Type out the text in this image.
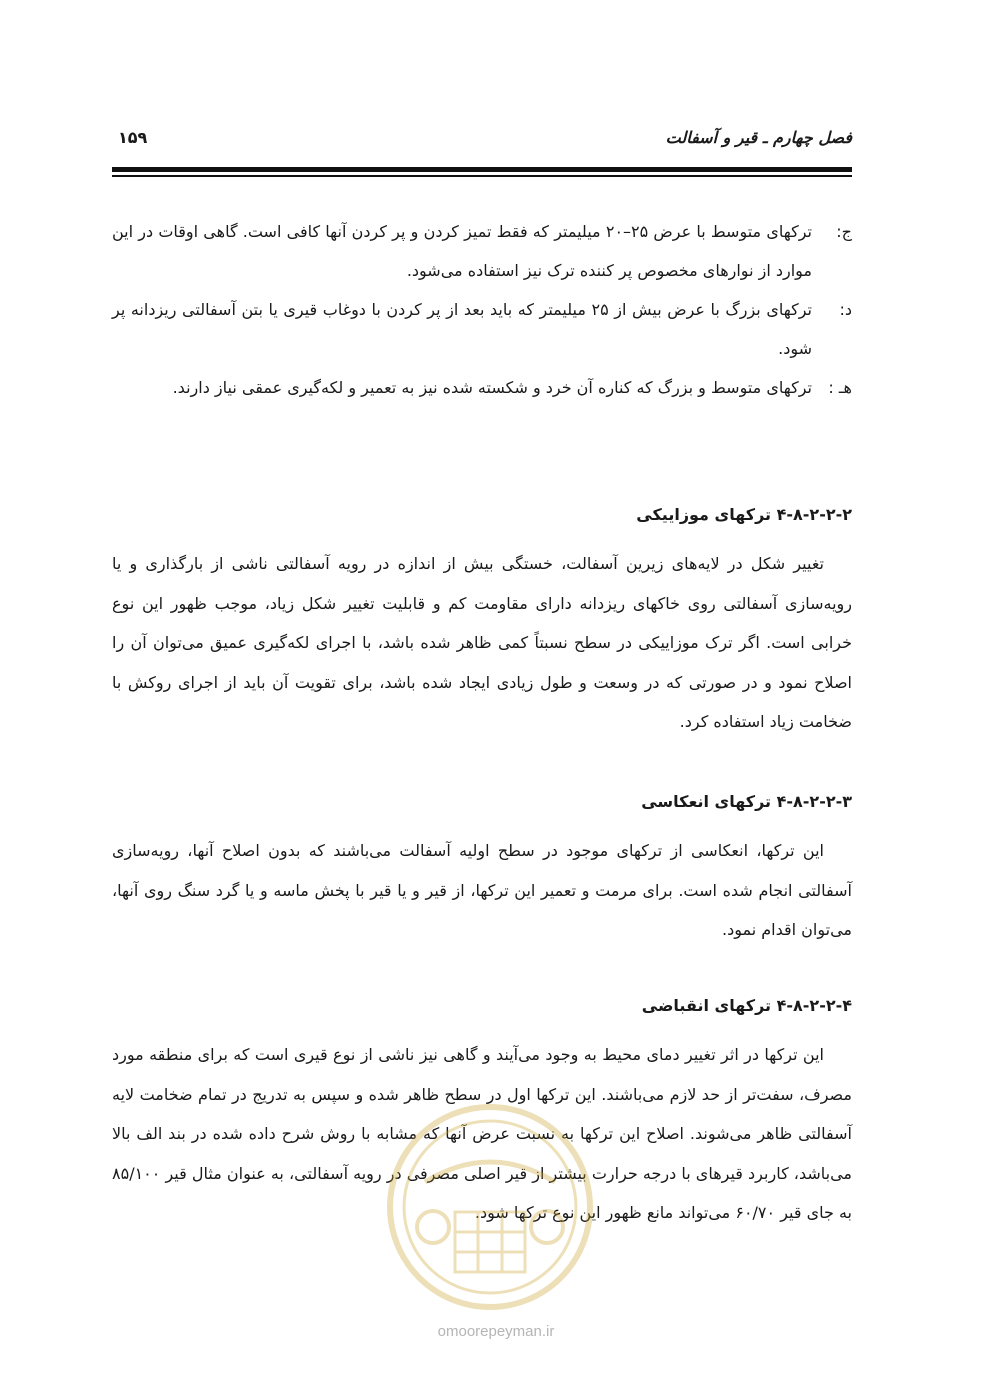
فصل چهارم ـ قیر و آسفالت
۱۵۹
ج:
ترکهای متوسط با عرض ۲۵–۲۰ میلیمتر که فقط تمیز کردن و پر کردن آنها کافی است. گاهی اوقات در این موارد از نوارهای مخصوص پر کننده ترک نیز استفاده می‌شود.
د:
ترکهای بزرگ با عرض بیش از ۲۵ میلیمتر که باید بعد از پر کردن با دوغاب قیری یا بتن آسفالتی ریزدانه پر شود.
هـ :
ترکهای متوسط و بزرگ که کناره آن خرد و شکسته شده نیز به تعمیر و لکه‌گیری عمقی نیاز دارند.
۴-۸-۲-۲-۲ ترکهای موزاییکی
تغییر شکل در لایه‌های زیرین آسفالت، خستگی بیش از اندازه در رویه آسفالتی ناشی از بارگذاری و یا رویه‌سازی آسفالتی روی خاکهای ریزدانه دارای مقاومت کم و قابلیت تغییر شکل زیاد، موجب ظهور این نوع خرابی است. اگر ترک موزاییکی در سطح نسبتاً کمی ظاهر شده باشد، با اجرای لکه‌گیری عمیق می‌توان آن را اصلاح نمود و در صورتی که در وسعت و طول زیادی ایجاد شده باشد، برای تقویت آن باید از اجرای روکش با ضخامت زیاد استفاده کرد.
۴-۸-۲-۲-۳ ترکهای انعکاسی
این ترکها، انعکاسی از ترکهای موجود در سطح اولیه آسفالت می‌باشند که بدون اصلاح آنها، رویه‌سازی آسفالتی انجام شده است. برای مرمت و تعمیر این ترکها، از قیر و یا قیر با پخش ماسه و یا گرد سنگ روی آنها، می‌توان اقدام نمود.
۴-۸-۲-۲-۴ ترکهای انقباضی
این ترکها در اثر تغییر دمای محیط به وجود می‌آیند و گاهی نیز ناشی از نوع قیری است که برای منطقه مورد مصرف، سفت‌تر از حد لازم می‌باشند. این ترکها اول در سطح ظاهر شده و سپس به تدریج در تمام ضخامت لایه آسفالتی ظاهر می‌شوند. اصلاح این ترکها به نسبت عرض آنها که مشابه با روش شرح داده شده در بند الف بالا می‌باشد، کاربرد قیرهای با درجه حرارت بیشتر از قیر اصلی مصرفی در رویه آسفالتی، به عنوان مثال قیر ۸۵/۱۰۰ به جای قیر ۶۰/۷۰ می‌تواند مانع ظهور این نوع ترکها شود.
omoorepeyman.ir
